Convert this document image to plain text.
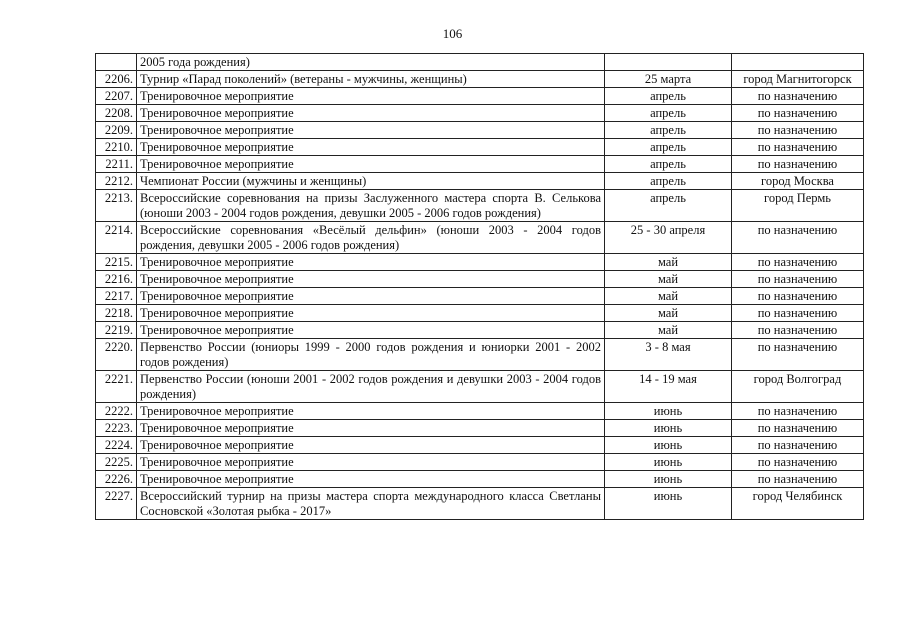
106
	2005 года рождения)		
2206.	Турнир «Парад поколений» (ветераны - мужчины, женщины)	25 марта	город Магнитогорск
2207.	Тренировочное мероприятие	апрель	по назначению
2208.	Тренировочное мероприятие	апрель	по назначению
2209.	Тренировочное мероприятие	апрель	по назначению
2210.	Тренировочное мероприятие	апрель	по назначению
2211.	Тренировочное мероприятие	апрель	по назначению
2212.	Чемпионат России (мужчины и женщины)	апрель	город Москва
2213.	Всероссийские соревнования на призы Заслуженного мастера спорта В. Селькова (юноши 2003 - 2004 годов рождения, девушки 2005 - 2006 годов рождения)	апрель	город Пермь
2214.	Всероссийские соревнования «Весёлый дельфин» (юноши 2003 - 2004 годов рождения, девушки 2005 - 2006 годов рождения)	25 - 30 апреля	по назначению
2215.	Тренировочное мероприятие	май	по назначению
2216.	Тренировочное мероприятие	май	по назначению
2217.	Тренировочное мероприятие	май	по назначению
2218.	Тренировочное мероприятие	май	по назначению
2219.	Тренировочное мероприятие	май	по назначению
2220.	Первенство России (юниоры 1999 - 2000 годов рождения и юниорки 2001 - 2002 годов рождения)	3 - 8 мая	по назначению
2221.	Первенство России (юноши 2001 - 2002 годов рождения и девушки 2003 - 2004 годов рождения)	14 - 19 мая	город Волгоград
2222.	Тренировочное мероприятие	июнь	по назначению
2223.	Тренировочное мероприятие	июнь	по назначению
2224.	Тренировочное мероприятие	июнь	по назначению
2225.	Тренировочное мероприятие	июнь	по назначению
2226.	Тренировочное мероприятие	июнь	по назначению
2227.	Всероссийский турнир на призы мастера спорта международного класса Светланы Сосновской «Золотая рыбка - 2017»	июнь	город Челябинск
